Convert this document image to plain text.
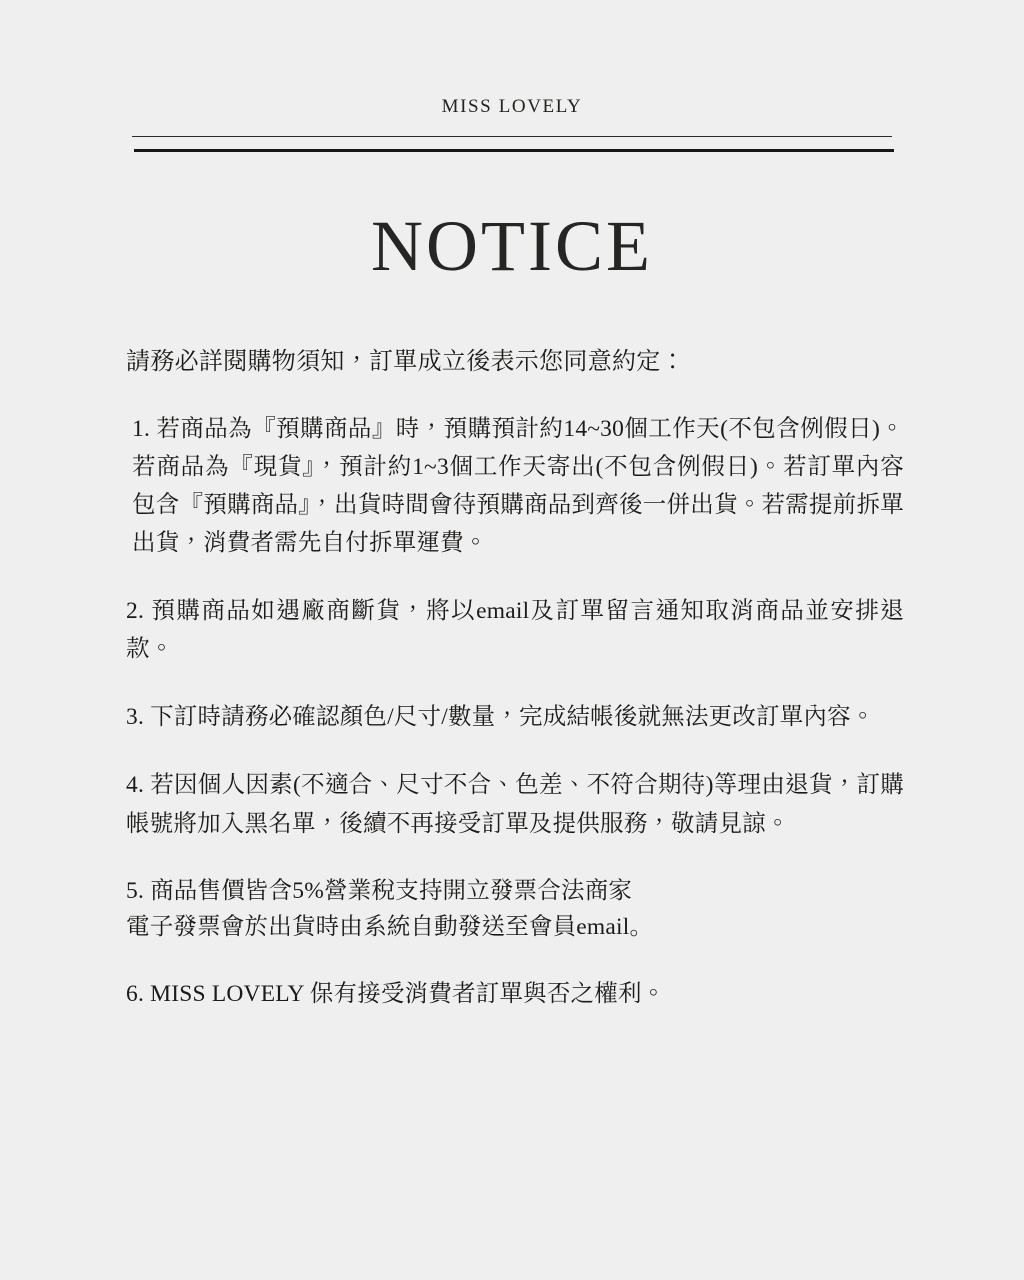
MISS LOVELY
NOTICE

請務必詳閱購物須知，訂單成立後表示您同意約定：

1. 若商品為『預購商品』時，預購預計約14~30個工作天(不包含例假日)。若商品為『現貨』，預計約1~3個工作天寄出(不包含例假日)。若訂單內容包含『預購商品』，出貨時間會待預購商品到齊後一併出貨。若需提前拆單出貨，消費者需先自付拆單運費。

2. 預購商品如遇廠商斷貨，將以email及訂單留言通知取消商品並安排退款。

3. 下訂時請務必確認顏色/尺寸/數量，完成結帳後就無法更改訂單內容。

4. 若因個人因素(不適合、尺寸不合、色差、不符合期待)等理由退貨，訂購帳號將加入黑名單，後續不再接受訂單及提供服務，敬請見諒。

5. 商品售價皆含5%營業稅支持開立發票合法商家
電子發票會於出貨時由系統自動發送至會員email。

6. MISS LOVELY 保有接受消費者訂單與否之權利。
